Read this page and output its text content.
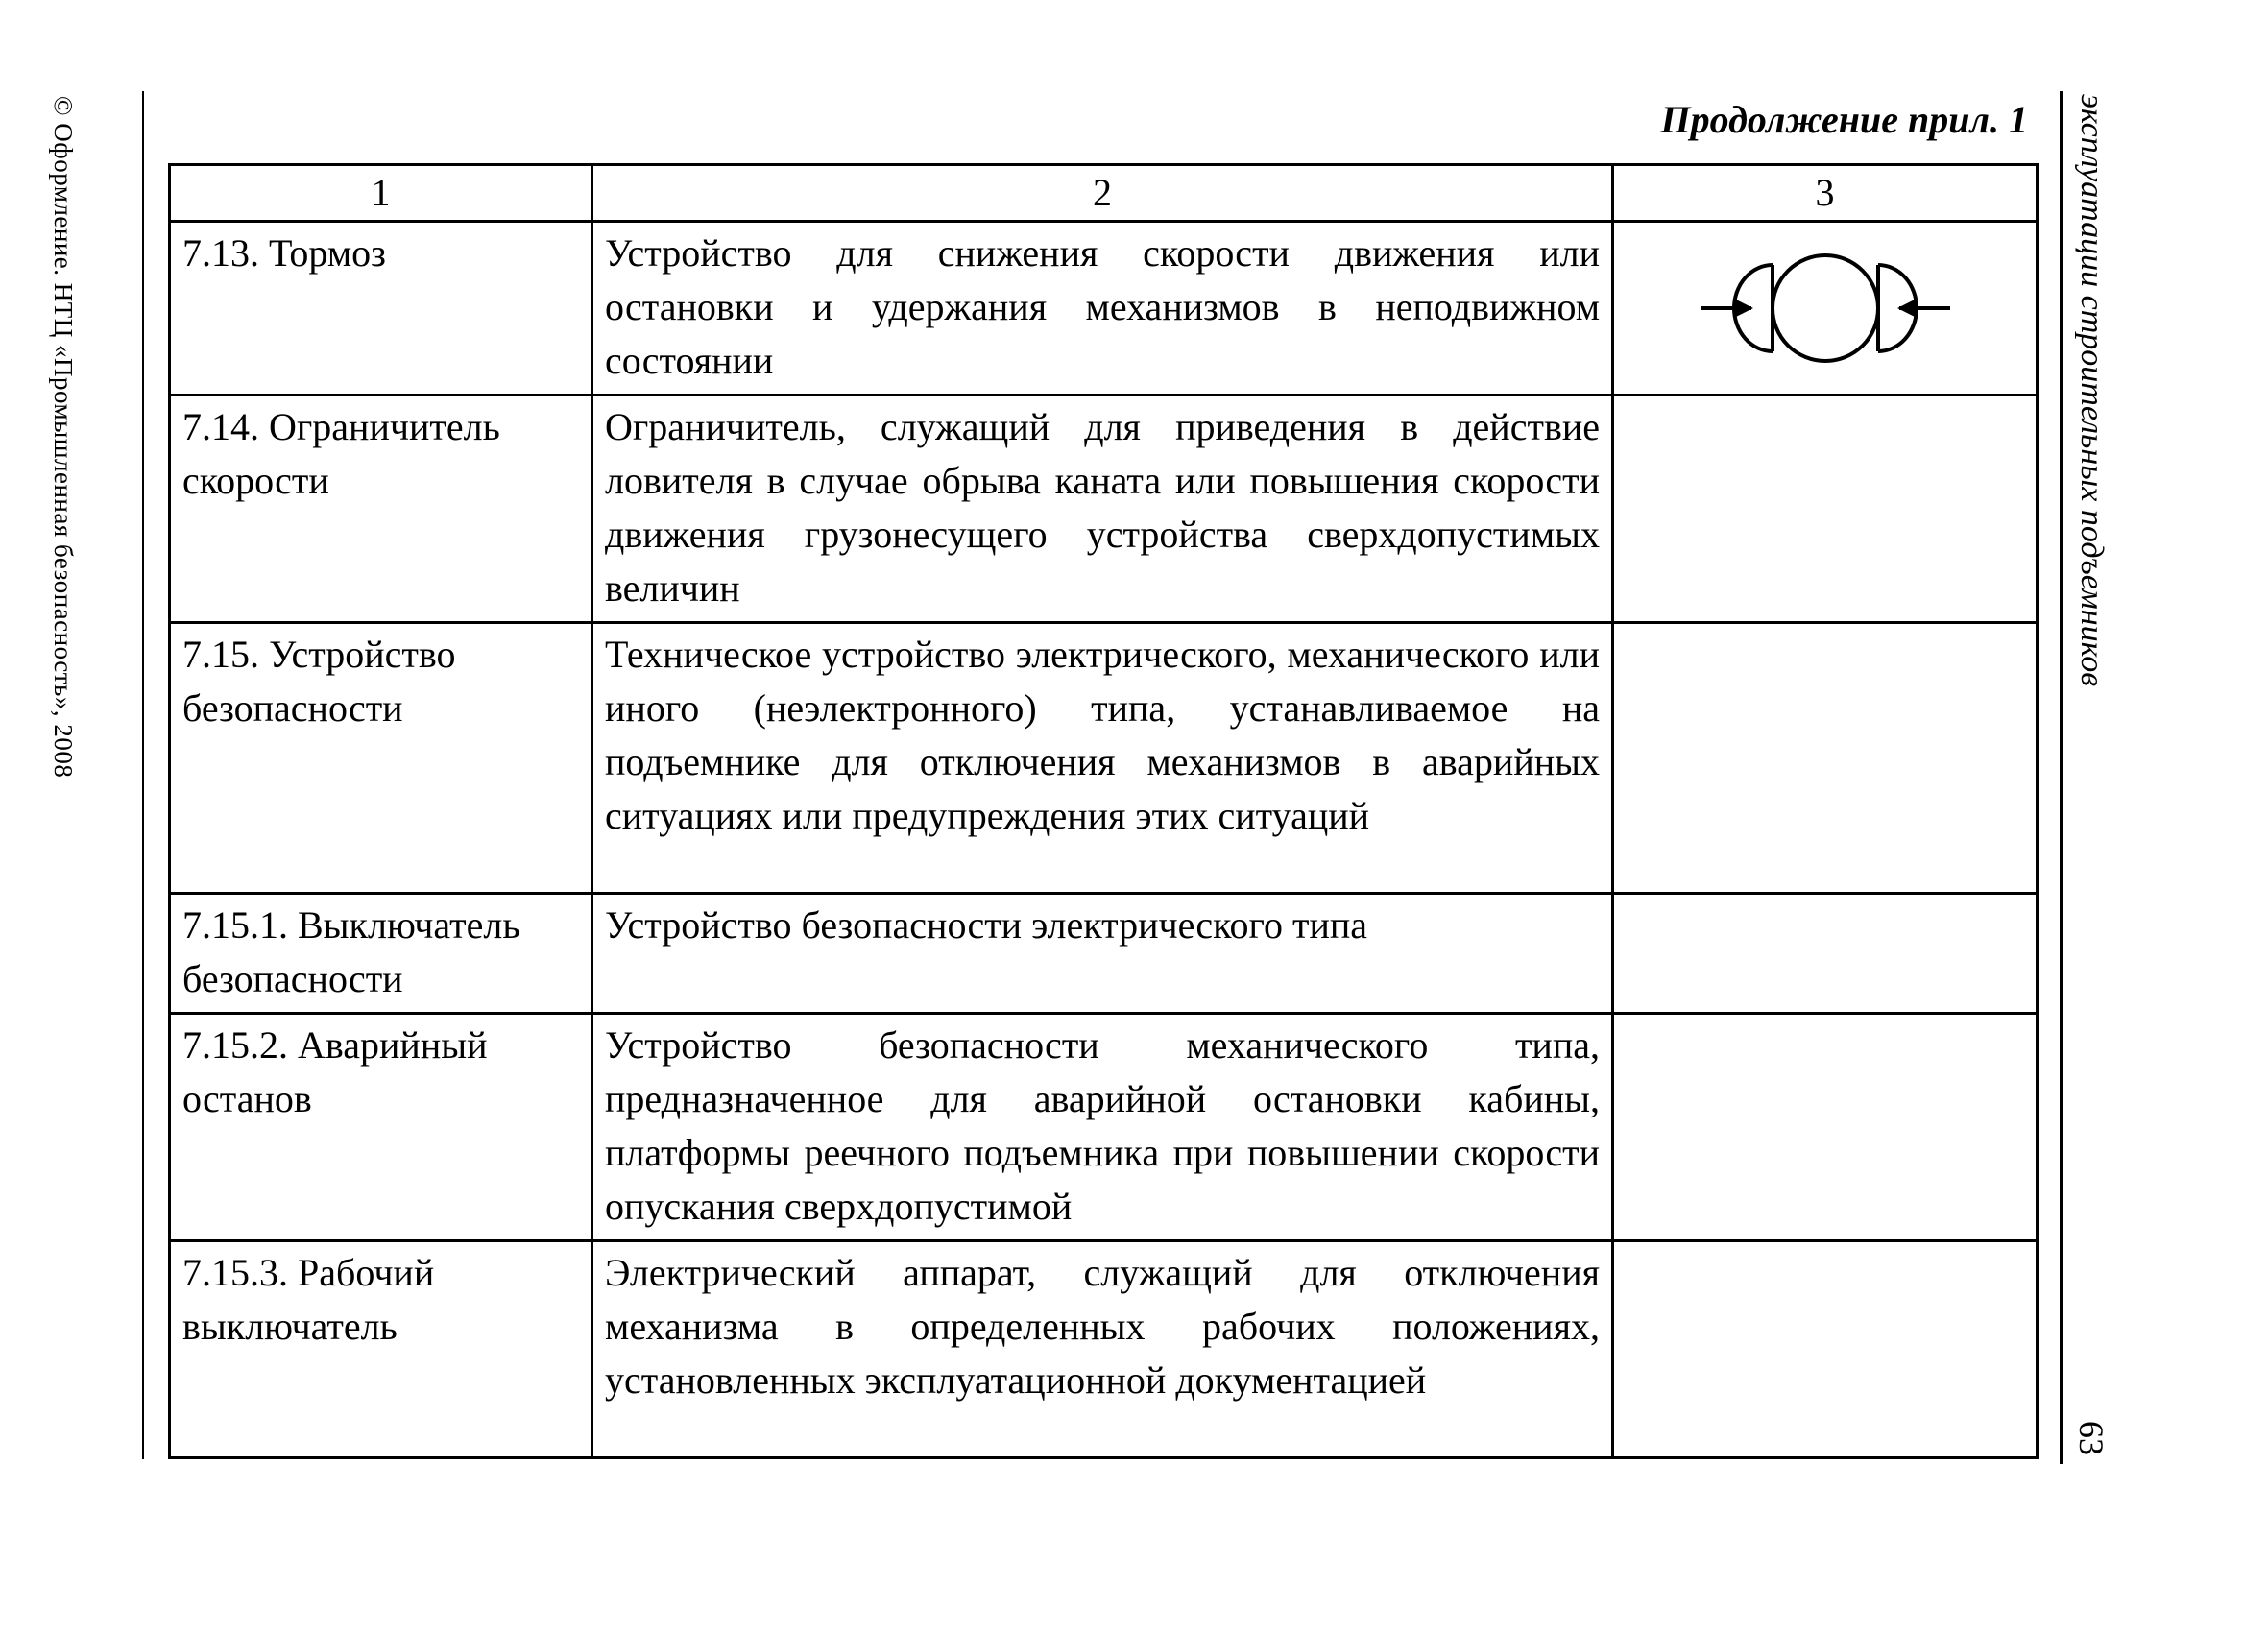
© Оформление. НТЦ «Промышленная безопасность», 2008	эксплуатации строительных подъемников
63
Продолжение прил. 1
1	2	3
7.13. Тормоз	Устройство для снижения скорости движения или остановки и удержания механизмов в неподвижном состоянии	
7.14. Ограничитель скорости	Ограничитель, служащий для приведения в действие ловителя в случае обрыва каната или повышения скорости движения грузонесущего устройства сверхдопустимых величин	
7.15. Устройство безопасности	Техническое устройство электрического, механического или иного (неэлектронного) типа, устанавливаемое на подъемнике для отключения механизмов в аварийных ситуациях или предупреждения этих ситуаций	
7.15.1. Выключатель безопасности	Устройство безопасности электрического типа	
7.15.2. Аварийный останов	Устройство безопасности механического типа, предназначенное для аварийной остановки кабины, платформы реечного подъемника при повышении скорости опускания сверхдопустимой	
7.15.3. Рабочий выключатель	Электрический аппарат, служащий для отключения механизма в определенных рабочих положениях, установленных эксплуатационной документацией	
